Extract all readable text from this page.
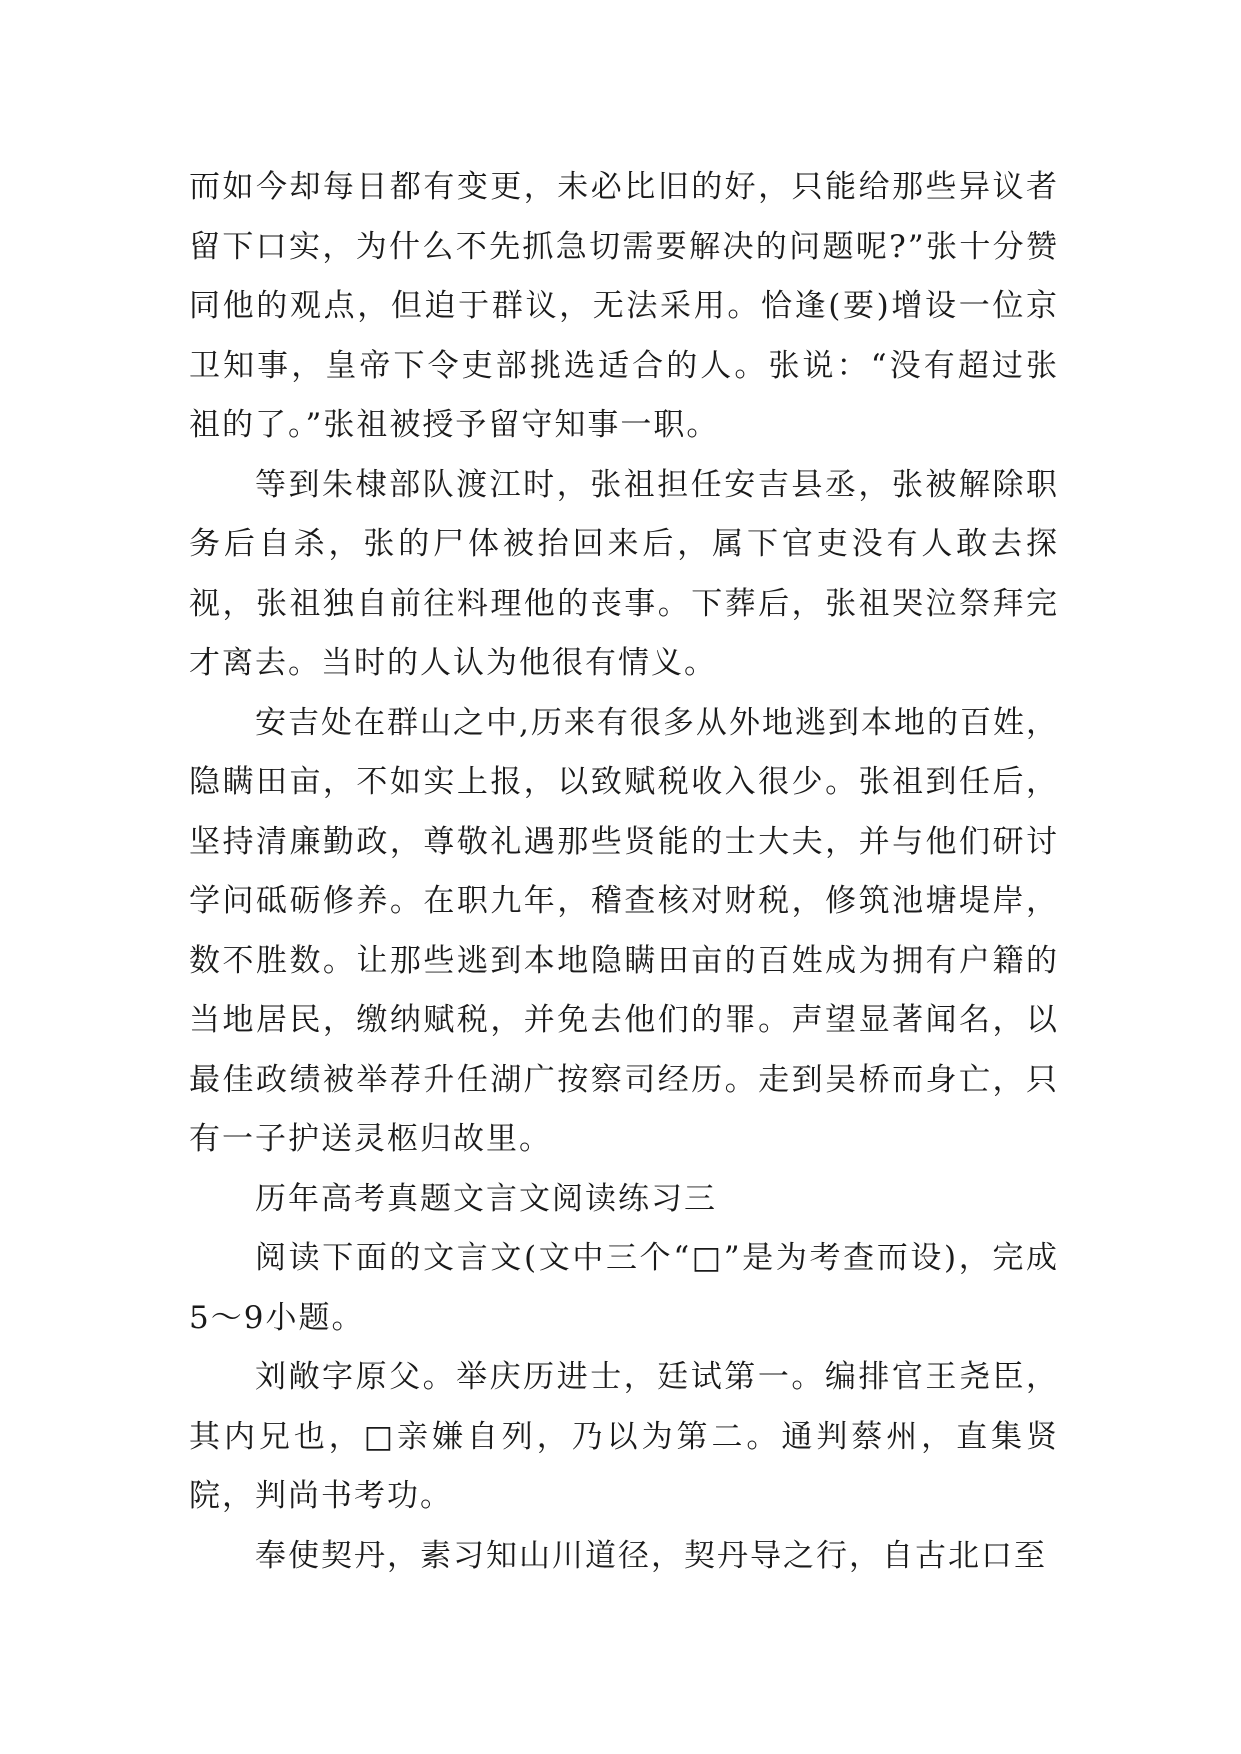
而如今却每日都有变更，未必比旧的好，只能给那些异议者留下口实，为什么不先抓急切需要解决的问题呢?”张十分赞同他的观点，但迫于群议，无法采用。恰逢(要)增设一位京卫知事，皇帝下令吏部挑选适合的人。张说：“没有超过张祖的了。”张祖被授予留守知事一职。

等到朱棣部队渡江时，张祖担任安吉县丞，张被解除职务后自杀，张的尸体被抬回来后，属下官吏没有人敢去探视，张祖独自前往料理他的丧事。下葬后，张祖哭泣祭拜完才离去。当时的人认为他很有情义。

安吉处在群山之中,历来有很多从外地逃到本地的百姓，隐瞒田亩，不如实上报，以致赋税收入很少。张祖到任后，坚持清廉勤政，尊敬礼遇那些贤能的士大夫，并与他们研讨学问砥砺修养。在职九年，稽查核对财税，修筑池塘堤岸，数不胜数。让那些逃到本地隐瞒田亩的百姓成为拥有户籍的当地居民，缴纳赋税，并免去他们的罪。声望显著闻名，以最佳政绩被举荐升任湖广按察司经历。走到吴桥而身亡，只有一子护送灵柩归故里。

历年高考真题文言文阅读练习三

阅读下面的文言文(文中三个“□”是为考查而设)，完成5～9小题。

刘敞字原父。举庆历进士，廷试第一。编排官王尧臣，其内兄也，□亲嫌自列，乃以为第二。通判蔡州，直集贤院，判尚书考功。

奉使契丹，素习知山川道径，契丹导之行，自古北口至
